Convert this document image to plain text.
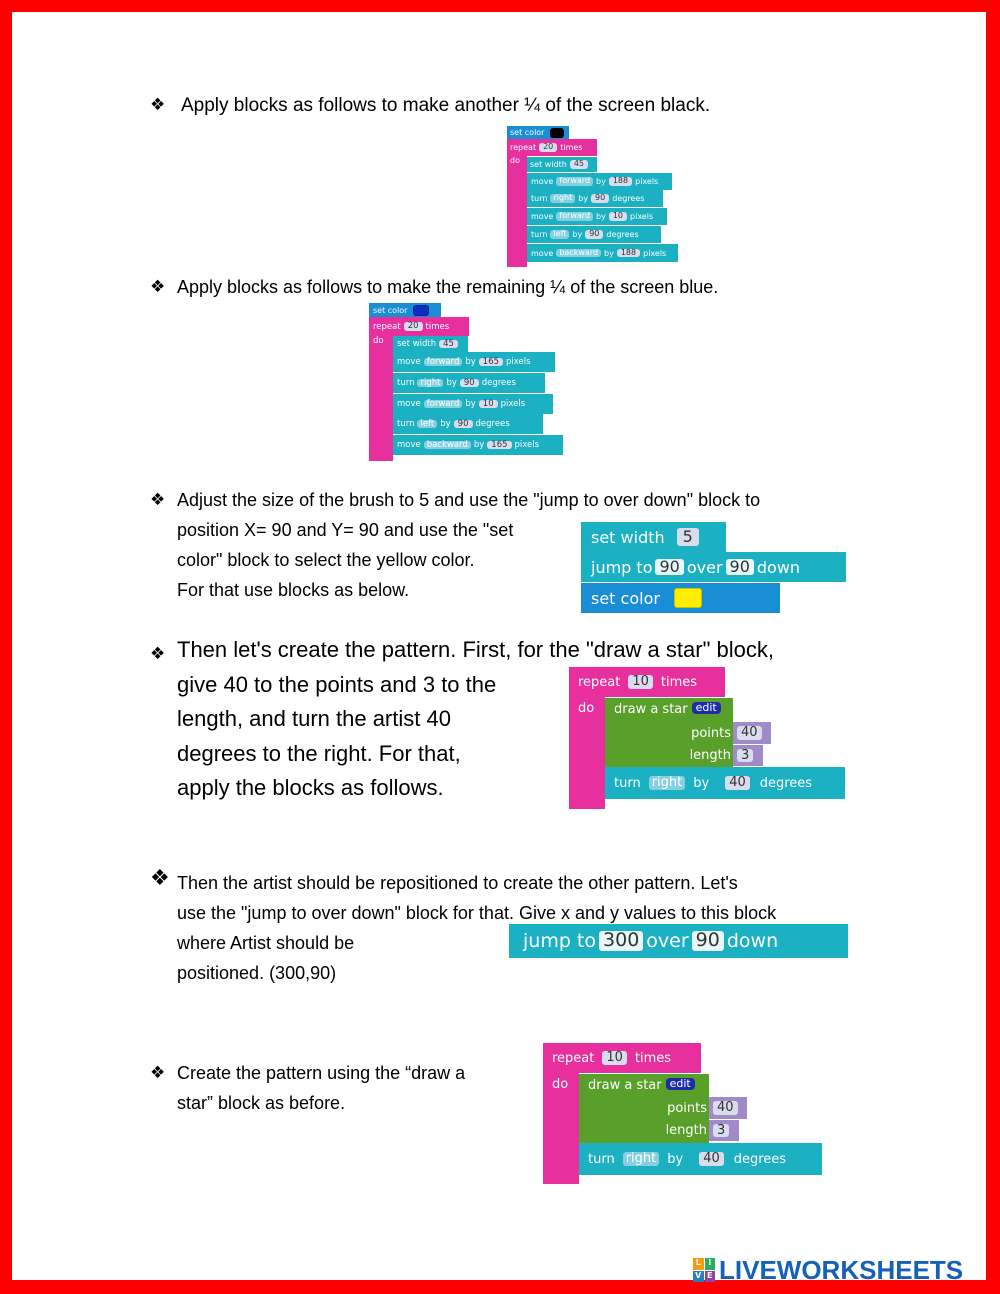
❖ Apply blocks as follows to make another ¼ of the screen black.
set color
repeat 20 times
do set width 45
move forward by 188 pixels
turn right by 90 degrees
move forward by 10 pixels
turn left by 90 degrees
move backward by 188 pixels
❖ Apply blocks as follows to make the remaining ¼ of the screen blue.
set color
repeat 20 times
do set width 45
move forward by 165 pixels
turn right by 90 degrees
move forward by 10 pixels
turn left by 90 degrees
move backward by 165 pixels
❖ Adjust the size of the brush to 5 and use the "jump to over down" block to
position X= 90 and Y= 90 and use the "set
color" block to select the yellow color.
For that use blocks as below.
set width	5
jump to 90 over 90 down
set color
❖ Then let's create the pattern. First, for the "draw a star" block,
give 40 to the points and 3 to the
length, and turn the artist 40
degrees to the right. For that,
apply the blocks as follows.
repeat 10 times
do draw a star edit
points 40
length 3
turn right by	40	degrees
❖ Then the artist should be repositioned to create the other pattern. Let's
use the "jump to over down" block for that. Give x and y values to this block
where Artist should be
positioned. (300,90)
jump to 300 over 90 down
❖ Create the pattern using the “draw a
star” block as before.
repeat 10 times
do draw a star edit
points 40
length 3
turn right by	40	degrees
L I
V E LIVEWORKSHEETS
